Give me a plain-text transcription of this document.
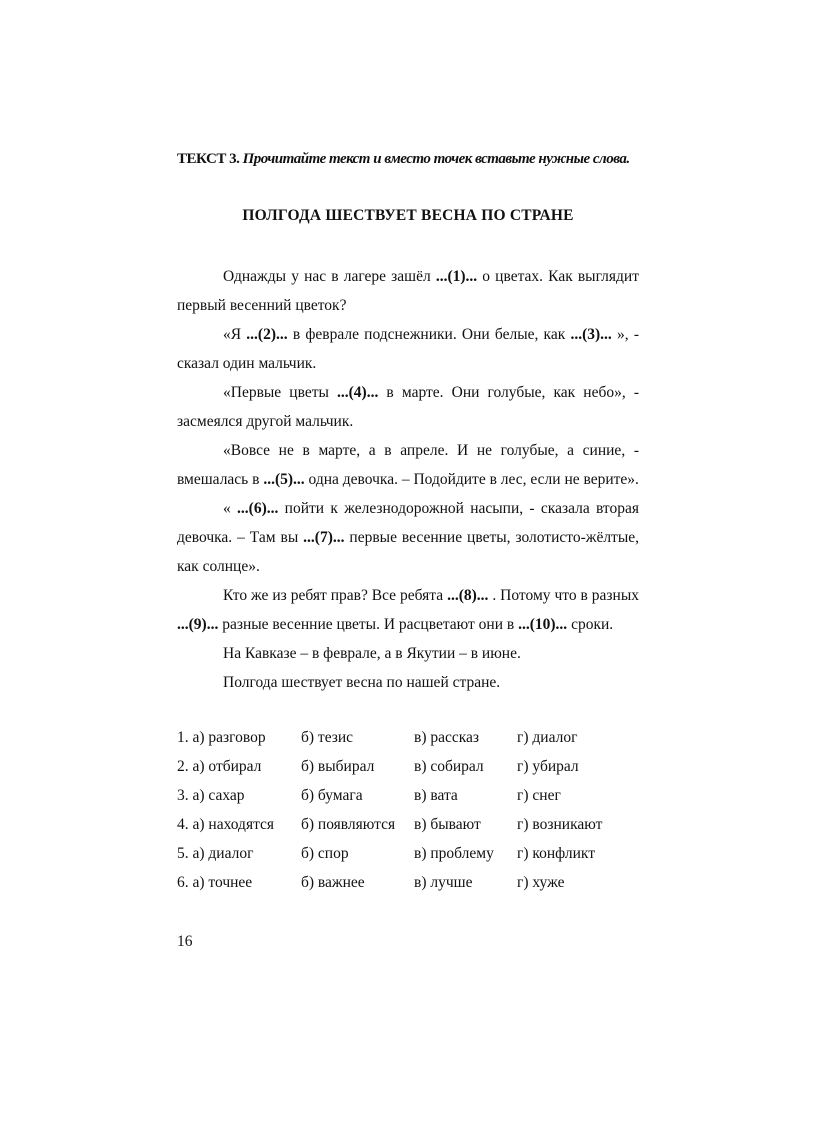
ТЕКСТ 3. Прочитайте текст и вместо точек вставьте нужные слова.
ПОЛГОДА ШЕСТВУЕТ ВЕСНА ПО СТРАНЕ

Однажды у нас в лагере зашёл ...(1)... о цветах. Как выглядит первый весенний цветок?

«Я ...(2)... в феврале подснежники. Они белые, как ...(3)... », - сказал один мальчик.

«Первые цветы ...(4)... в марте. Они голубые, как небо», - засмеялся другой мальчик.

«Вовсе не в марте, а в апреле. И не голубые, а синие, - вмешалась в ...(5)... одна девочка. – Подойдите в лес, если не верите».

« ...(6)... пойти к железнодорожной насыпи, - сказала вторая девочка. – Там вы ...(7)... первые весенние цветы, золотисто-жёлтые, как солнце».

Кто же из ребят прав? Все ребята ...(8)... . Потому что в разных ...(9)... разные весенние цветы. И расцветают они в ...(10)... сроки.

На Кавказе – в феврале, а в Якутии – в июне.

Полгода шествует весна по нашей стране.

1. а) разговор	б) тезис	в) рассказ	г) диалог
2. а) отбирал	б) выбирал	в) собирал	г) убирал
3. а) сахар	б) бумага	в) вата	г) снег
4. а) находятся	б) появляются	в) бывают	г) возникают
5. а) диалог	б) спор	в) проблему	г) конфликт
6. а) точнее	б) важнее	в) лучше	г) хуже
16
